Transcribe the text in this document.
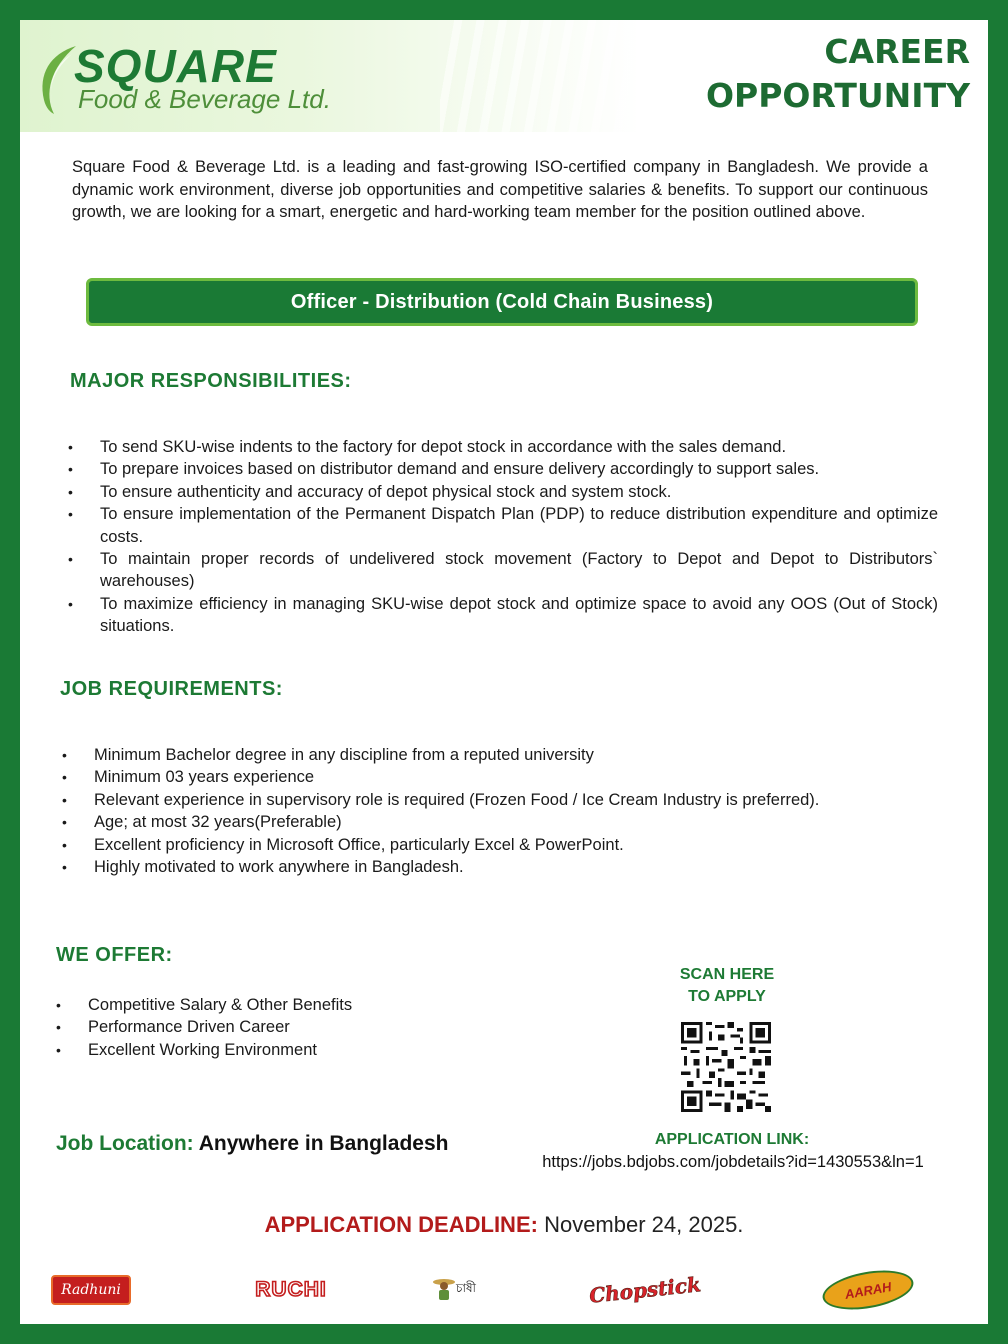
SQUARE
Food & Beverage Ltd.
CAREER
OPPORTUNITY

Square Food & Beverage Ltd. is a leading and fast-growing ISO-certified company in Bangladesh. We provide a dynamic work environment, diverse job opportunities and competitive salaries & benefits. To support our continuous growth, we are looking for a smart, energetic and hard-working team member for the position outlined above.

Officer - Distribution (Cold Chain Business)
MAJOR RESPONSIBILITIES:
• To send SKU-wise indents to the factory for depot stock in accordance with the sales demand.
• To prepare invoices based on distributor demand and ensure delivery accordingly to support sales.
• To ensure authenticity and accuracy of depot physical stock and system stock.
• To ensure implementation of the Permanent Dispatch Plan (PDP) to reduce distribution expenditure and optimize costs.
• To maintain proper records of undelivered stock movement (Factory to Depot and Depot to Distributors` warehouses)
• To maximize efficiency in managing SKU-wise depot stock and optimize space to avoid any OOS (Out of Stock) situations.
JOB REQUIREMENTS:
• Minimum Bachelor degree in any discipline from a reputed university
• Minimum 03 years experience
• Relevant experience in supervisory role is required (Frozen Food / Ice Cream Industry is preferred).
• Age; at most 32 years(Preferable)
• Excellent proficiency in Microsoft Office, particularly Excel & PowerPoint.
• Highly motivated to work anywhere in Bangladesh.
WE OFFER:
• Competitive Salary & Other Benefits
• Performance Driven Career
• Excellent Working Environment
Job Location: Anywhere in Bangladesh
SCAN HERE
TO APPLY
APPLICATION LINK:
https://jobs.bdjobs.com/jobdetails?id=1430553&ln=1
APPLICATION DEADLINE: November 24, 2025.
Radhuni	RUCHI	চাষী	Chopstick	AARAH
